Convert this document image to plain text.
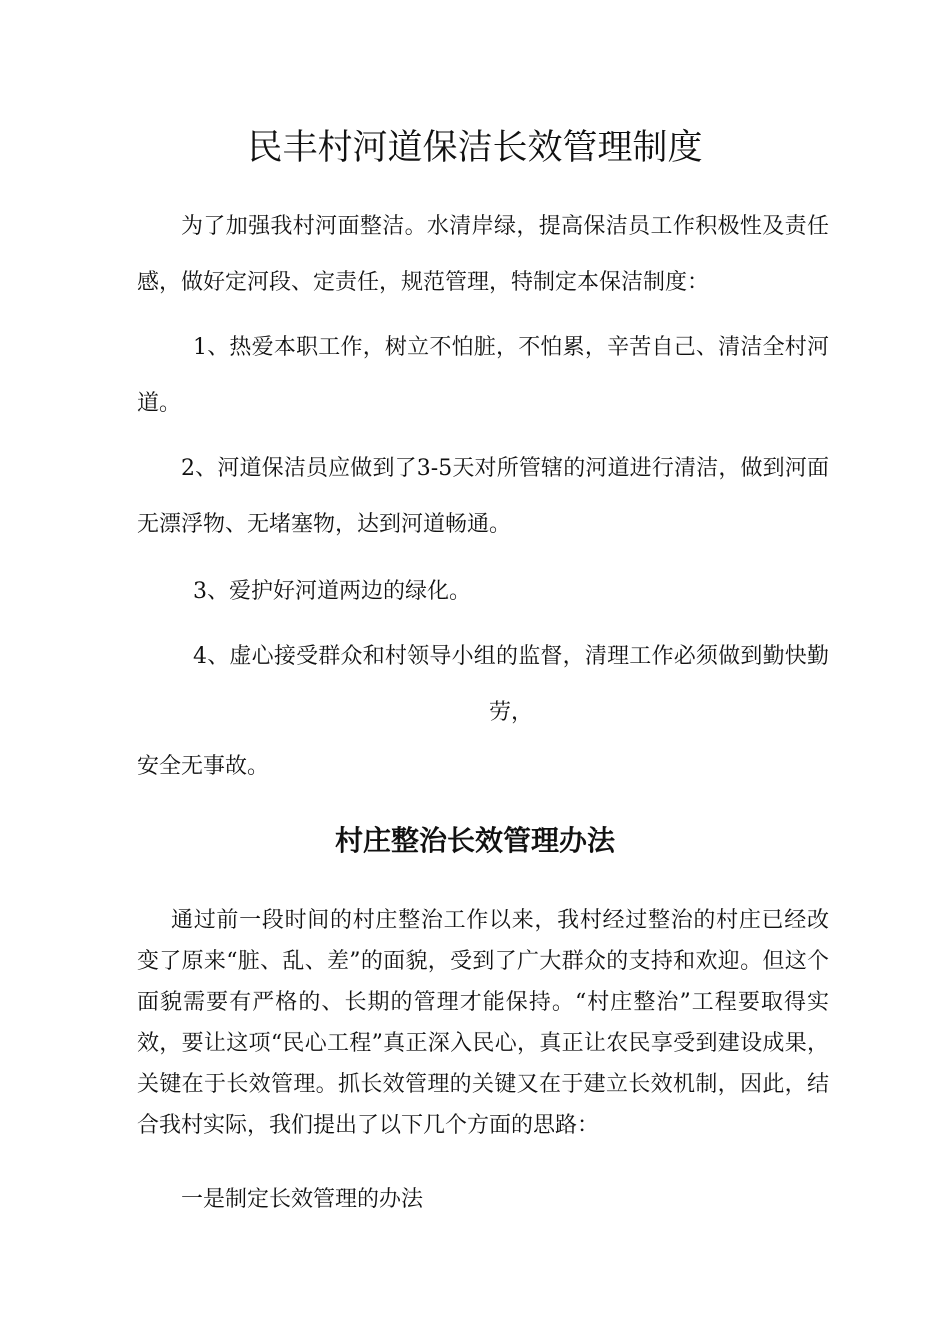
民丰村河道保洁长效管理制度

为了加强我村河面整洁。水清岸绿，提高保洁员工作积极性及责任感，做好定河段、定责任，规范管理，特制定本保洁制度：

1、热爱本职工作，树立不怕脏，不怕累，辛苦自己、清洁全村河道。

2、河道保洁员应做到了3-5天对所管辖的河道进行清洁，做到河面无漂浮物、无堵塞物，达到河道畅通。

3、爱护好河道两边的绿化。

4、虚心接受群众和村领导小组的监督，清理工作必须做到勤快勤劳，

安全无事故。

村庄整治长效管理办法

通过前一段时间的村庄整治工作以来，我村经过整治的村庄已经改变了原来“脏、乱、差”的面貌，受到了广大群众的支持和欢迎。但这个面貌需要有严格的、长期的管理才能保持。“村庄整治”工程要取得实效，要让这项“民心工程”真正深入民心，真正让农民享受到建设成果，关键在于长效管理。抓长效管理的关键又在于建立长效机制，因此，结合我村实际，我们提出了以下几个方面的思路：

一是制定长效管理的办法
